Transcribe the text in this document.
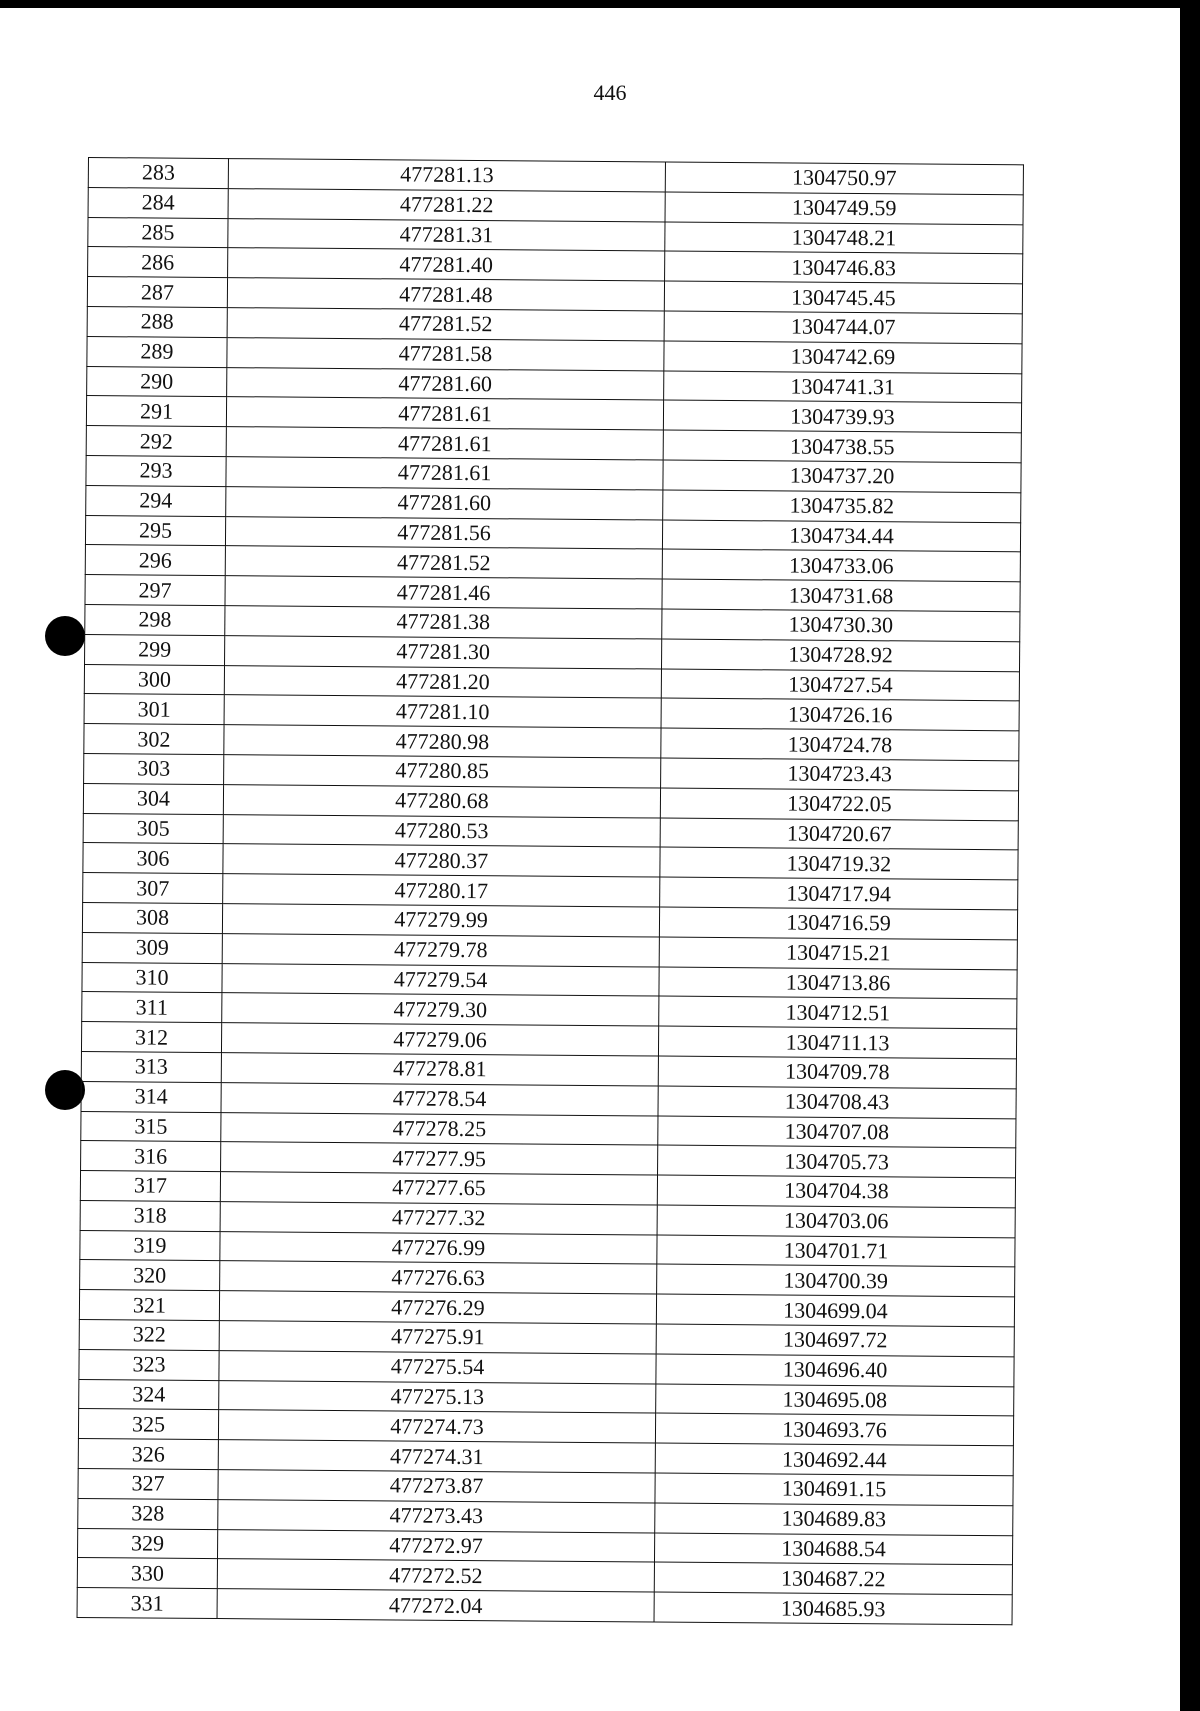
446
283	477281.13	1304750.97
284	477281.22	1304749.59
285	477281.31	1304748.21
286	477281.40	1304746.83
287	477281.48	1304745.45
288	477281.52	1304744.07
289	477281.58	1304742.69
290	477281.60	1304741.31
291	477281.61	1304739.93
292	477281.61	1304738.55
293	477281.61	1304737.20
294	477281.60	1304735.82
295	477281.56	1304734.44
296	477281.52	1304733.06
297	477281.46	1304731.68
298	477281.38	1304730.30
299	477281.30	1304728.92
300	477281.20	1304727.54
301	477281.10	1304726.16
302	477280.98	1304724.78
303	477280.85	1304723.43
304	477280.68	1304722.05
305	477280.53	1304720.67
306	477280.37	1304719.32
307	477280.17	1304717.94
308	477279.99	1304716.59
309	477279.78	1304715.21
310	477279.54	1304713.86
311	477279.30	1304712.51
312	477279.06	1304711.13
313	477278.81	1304709.78
314	477278.54	1304708.43
315	477278.25	1304707.08
316	477277.95	1304705.73
317	477277.65	1304704.38
318	477277.32	1304703.06
319	477276.99	1304701.71
320	477276.63	1304700.39
321	477276.29	1304699.04
322	477275.91	1304697.72
323	477275.54	1304696.40
324	477275.13	1304695.08
325	477274.73	1304693.76
326	477274.31	1304692.44
327	477273.87	1304691.15
328	477273.43	1304689.83
329	477272.97	1304688.54
330	477272.52	1304687.22
331	477272.04	1304685.93
